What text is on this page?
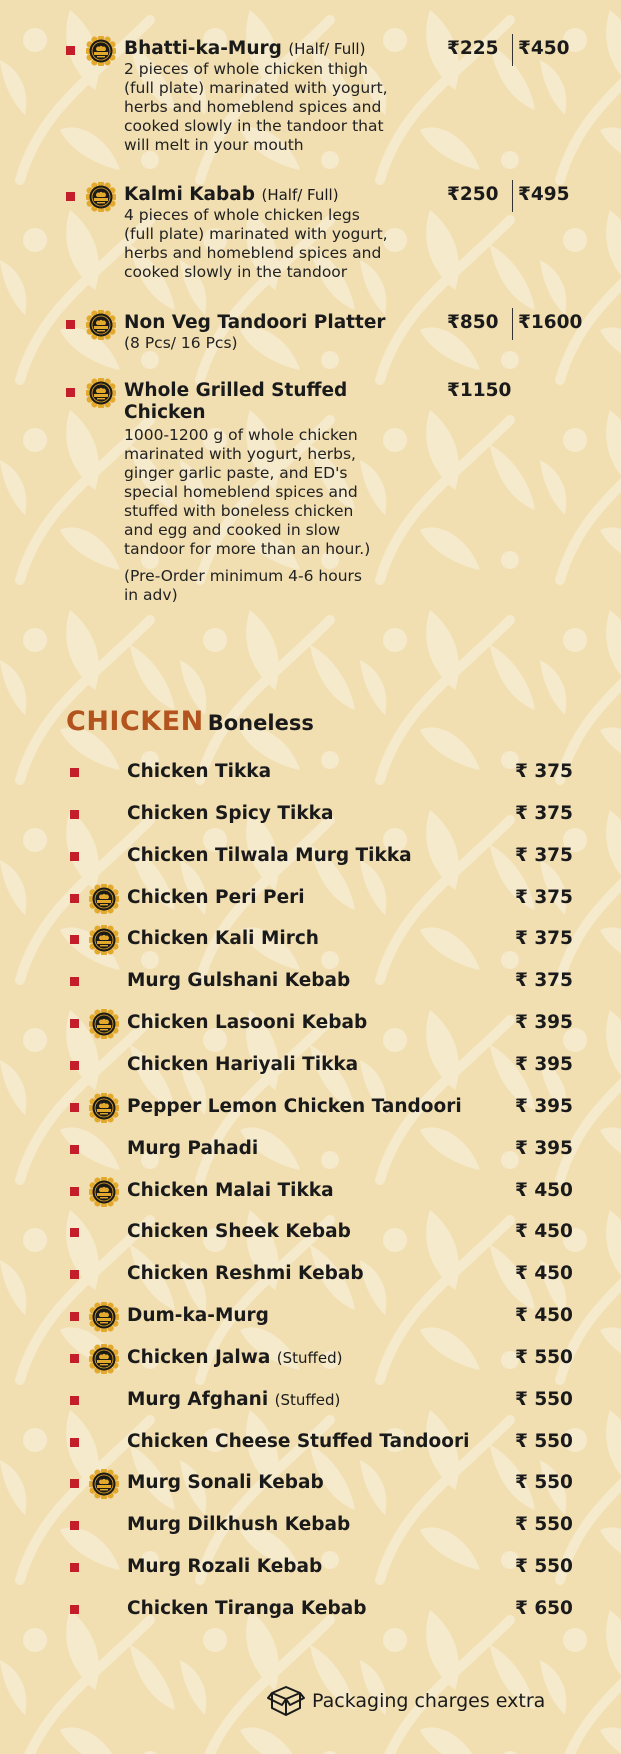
Bhatti-ka-Murg (Half/ Full)
2 pieces of whole chicken thigh
(full plate) marinated with yogurt,
herbs and homeblend spices and
cooked slowly in the tandoor that
will melt in your mouth
₹225 ₹450
Kalmi Kabab (Half/ Full)
4 pieces of whole chicken legs
(full plate) marinated with yogurt,
herbs and homeblend spices and
cooked slowly in the tandoor
₹250 ₹495
Non Veg Tandoori Platter
(8 Pcs/ 16 Pcs)
₹850 ₹1600
Whole Grilled Stuffed
Chicken
1000-1200 g of whole chicken
marinated with yogurt, herbs,
ginger garlic paste, and ED's
special homeblend spices and
stuffed with boneless chicken
and egg and cooked in slow
tandoor for more than an hour.)
(Pre-Order minimum 4-6 hours
in adv)
₹1150
CHICKEN Boneless
Chicken Tikka	₹ 375
Chicken Spicy Tikka	₹ 375
Chicken Tilwala Murg Tikka	₹ 375
Chicken Peri Peri	₹ 375
Chicken Kali Mirch	₹ 375
Murg Gulshani Kebab	₹ 375
Chicken Lasooni Kebab	₹ 395
Chicken Hariyali Tikka	₹ 395
Pepper Lemon Chicken Tandoori	₹ 395
Murg Pahadi	₹ 395
Chicken Malai Tikka	₹ 450
Chicken Sheek Kebab	₹ 450
Chicken Reshmi Kebab	₹ 450
Dum-ka-Murg	₹ 450
Chicken Jalwa (Stuffed)	₹ 550
Murg Afghani (Stuffed)	₹ 550
Chicken Cheese Stuffed Tandoori ₹ 550
Murg Sonali Kebab	₹ 550
Murg Dilkhush Kebab	₹ 550
Murg Rozali Kebab	₹ 550
Chicken Tiranga Kebab	₹ 650
Packaging charges extra
